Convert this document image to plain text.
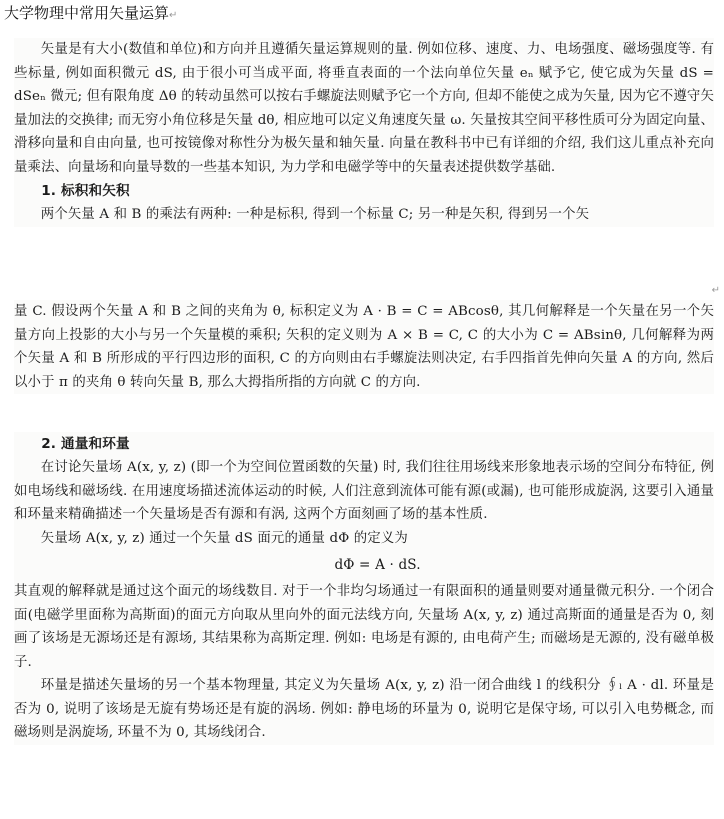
大学物理中常用矢量运算↵

矢量是有大小(数值和单位)和方向并且遵循矢量运算规则的量. 例如位移、速度、力、电场强度、磁场强度等. 有些标量, 例如面积微元 dS, 由于很小可当成平面, 将垂直表面的一个法向单位矢量 eₙ 赋予它, 使它成为矢量 dS = dSeₙ 微元; 但有限角度 Δθ 的转动虽然可以按右手螺旋法则赋予它一个方向, 但却不能使之成为矢量, 因为它不遵守矢量加法的交换律; 而无穷小角位移是矢量 dθ, 相应地可以定义角速度矢量 ω. 矢量按其空间平移性质可分为固定向量、滑移向量和自由向量, 也可按镜像对称性分为极矢量和轴矢量. 向量在教科书中已有详细的介绍, 我们这儿重点补充向量乘法、向量场和向量导数的一些基本知识, 为力学和电磁学等中的矢量表述提供数学基础.

1. 标积和矢积

两个矢量 A 和 B 的乘法有两种: 一种是标积, 得到一个标量 C; 另一种是矢积, 得到另一个矢

↵

量 C. 假设两个矢量 A 和 B 之间的夹角为 θ, 标积定义为 A · B = C = ABcosθ, 其几何解释是一个矢量在另一个矢量方向上投影的大小与另一个矢量模的乘积; 矢积的定义则为 A × B = C, C 的大小为 C = ABsinθ, 几何解释为两个矢量 A 和 B 所形成的平行四边形的面积, C 的方向则由右手螺旋法则决定, 右手四指首先伸向矢量 A 的方向, 然后以小于 π 的夹角 θ 转向矢量 B, 那么大拇指所指的方向就 C 的方向.

2. 通量和环量

在讨论矢量场 A(x, y, z) (即一个为空间位置函数的矢量) 时, 我们往往用场线来形象地表示场的空间分布特征, 例如电场线和磁场线. 在用速度场描述流体运动的时候, 人们注意到流体可能有源(或漏), 也可能形成旋涡, 这要引入通量和环量来精确描述一个矢量场是否有源和有涡, 这两个方面刻画了场的基本性质.

矢量场 A(x, y, z) 通过一个矢量 dS 面元的通量 dΦ 的定义为

dΦ = A · dS.

其直观的解释就是通过这个面元的场线数目. 对于一个非均匀场通过一有限面积的通量则要对通量微元积分. 一个闭合面(电磁学里面称为高斯面)的面元方向取从里向外的面元法线方向, 矢量场 A(x, y, z) 通过高斯面的通量是否为 0, 刻画了该场是无源场还是有源场, 其结果称为高斯定理. 例如: 电场是有源的, 由电荷产生; 而磁场是无源的, 没有磁单极子.

环量是描述矢量场的另一个基本物理量, 其定义为矢量场 A(x, y, z) 沿一闭合曲线 l 的线积分 ∮ₗ A · dl. 环量是否为 0, 说明了该场是无旋有势场还是有旋的涡场. 例如: 静电场的环量为 0, 说明它是保守场, 可以引入电势概念, 而磁场则是涡旋场, 环量不为 0, 其场线闭合.
